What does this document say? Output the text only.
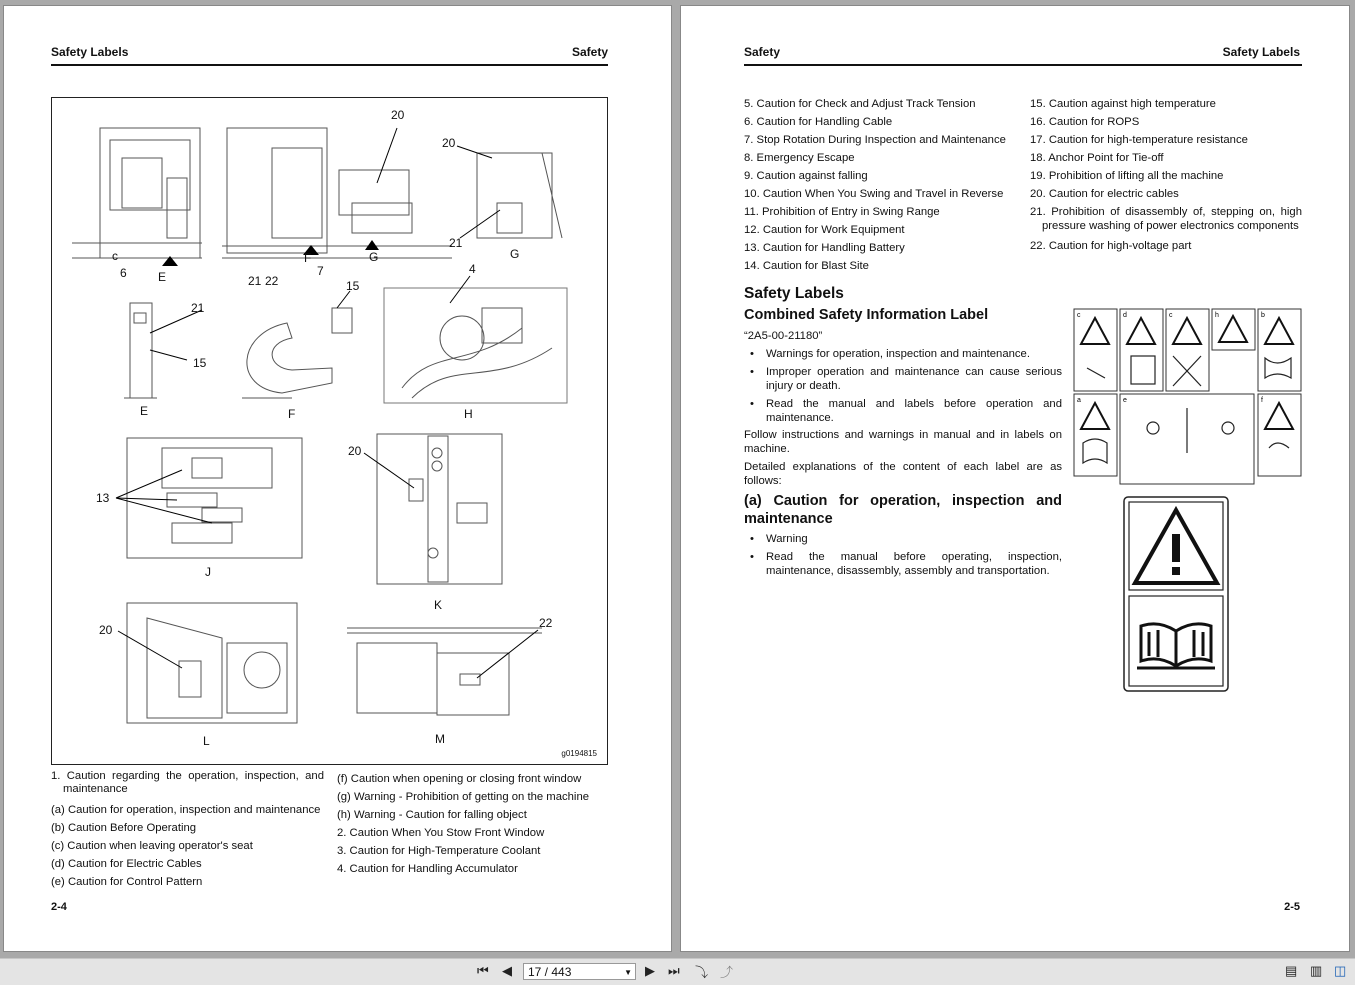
Safety Labels	Safety
20
20
21
c
6	E	21 22
F
7
G	G
4
21
15
15
E	F	H
13
J
20
K
20
L
22
M
g0194815
1. Caution regarding the operation, inspection, and maintenance
(a) Caution for operation, inspection and maintenance
(b) Caution Before Operating
(c) Caution when leaving operator's seat
(d) Caution for Electric Cables
(e) Caution for Control Pattern
(f) Caution when opening or closing front window
(g) Warning - Prohibition of getting on the machine
(h) Warning - Caution for falling object
2. Caution When You Stow Front Window
3. Caution for High-Temperature Coolant
4. Caution for Handling Accumulator
2-4
Safety	Safety Labels
5. Caution for Check and Adjust Track Tension
6. Caution for Handling Cable
7. Stop Rotation During Inspection and Maintenance
8. Emergency Escape
9. Caution against falling
10. Caution When You Swing and Travel in Reverse
11. Prohibition of Entry in Swing Range
12. Caution for Work Equipment
13. Caution for Handling Battery
14. Caution for Blast Site
15. Caution against high temperature
16. Caution for ROPS
17. Caution for high-temperature resistance
18. Anchor Point for Tie-off
19. Prohibition of lifting all the machine
20. Caution for electric cables
21. Prohibition of disassembly of, stepping on, high pressure washing of power electronics components
22. Caution for high-voltage part
Safety Labels
Combined Safety Information Label
“2A5-00-21180”
• Warnings for operation, inspection and maintenance.
• Improper operation and maintenance can cause serious injury or death.
• Read the manual and labels before operation and maintenance.
Follow instructions and warnings in manual and in labels on machine.
Detailed explanations of the content of each label are as follows:
(a) Caution for operation, inspection and maintenance
• Warning
• Read the manual before operating, inspection, maintenance, disassembly, assembly and transportation.
c	d	c	h	b
a	e	f
2-5
⏮ ◀	17 / 443	▼ ▶ ⏭ ⤵ ⤴	▤ ▥ ◫
